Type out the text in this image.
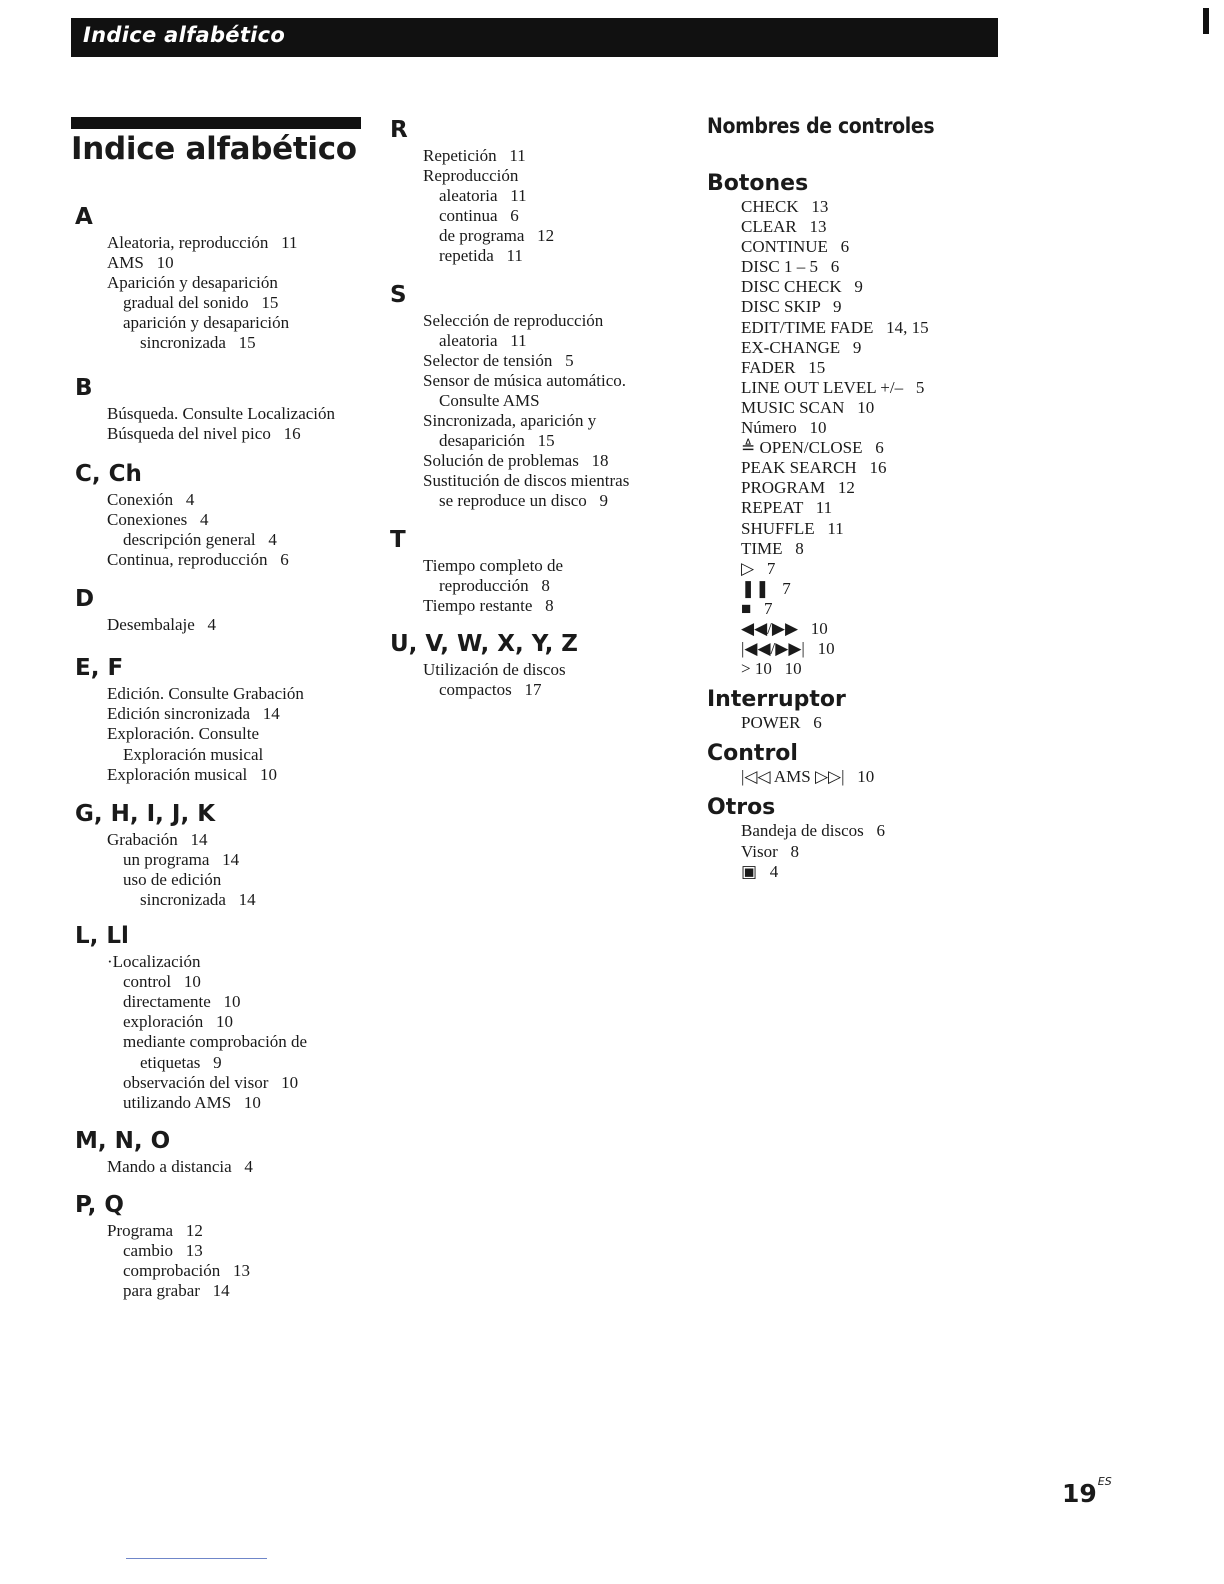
Indice alfabético
Indice alfabético
A
Aleatoria, reproducción   11
AMS   10
Aparición y desaparición
gradual del sonido   15
aparición y desaparición
sincronizada   15
B
Búsqueda. Consulte Localización
Búsqueda del nivel pico   16
C, Ch
Conexión   4
Conexiones   4
descripción general   4
Continua, reproducción   6
D
Desembalaje   4
E, F
Edición. Consulte Grabación
Edición sincronizada   14
Exploración. Consulte
Exploración musical
Exploración musical   10
G, H, I, J, K
Grabación   14
un programa   14
uso de edición
sincronizada   14
L, Ll
·Localización
control   10
directamente   10
exploración   10
mediante comprobación de
etiquetas   9
observación del visor   10
utilizando AMS   10
M, N, O
Mando a distancia   4
P, Q
Programa   12
cambio   13
comprobación   13
para grabar   14
R
Repetición   11
Reproducción
aleatoria   11
continua   6
de programa   12
repetida   11
S
Selección de reproducción
aleatoria   11
Selector de tensión   5
Sensor de música automático.
Consulte AMS
Sincronizada, aparición y
desaparición   15
Solución de problemas   18
Sustitución de discos mientras
se reproduce un disco   9
T
Tiempo completo de
reproducción   8
Tiempo restante   8
U, V, W, X, Y, Z
Utilización de discos
compactos   17
Nombres de controles
Botones
CHECK   13
CLEAR   13
CONTINUE   6
DISC 1 – 5   6
DISC CHECK   9
DISC SKIP   9
EDIT/TIME FADE   14, 15
EX-CHANGE   9
FADER   15
LINE OUT LEVEL +/–   5
MUSIC SCAN   10
Número   10
≜ OPEN/CLOSE   6
PEAK SEARCH   16
PROGRAM   12
REPEAT   11
SHUFFLE   11
TIME   8
▷   7
❚❚   7
■   7
◀◀/▶▶   10
|◀◀/▶▶|   10
> 10   10
Interruptor
POWER   6
Control
|◁◁ AMS ▷▷|   10
Otros
Bandeja de discos   6
Visor   8
▣   4
$19^{ES}$
